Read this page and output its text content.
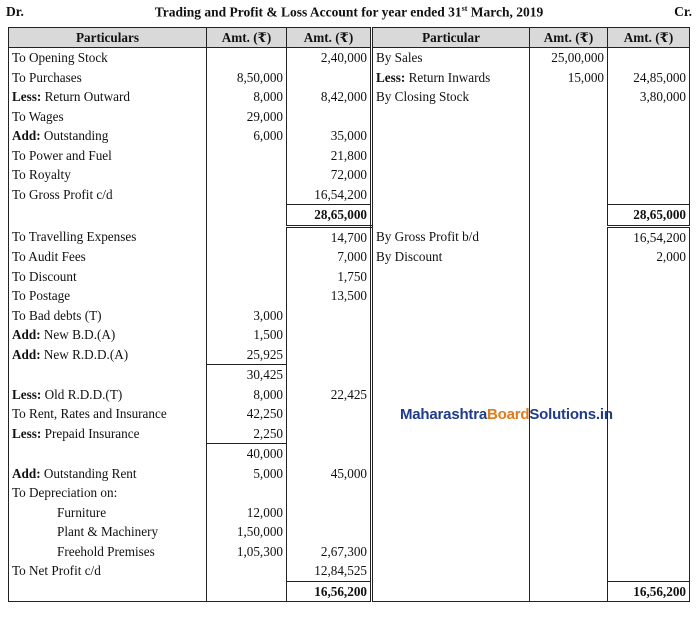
Dr.	Trading and Profit & Loss Account for year ended 31st March, 2019	Cr.
Particulars	Amt. (₹)	Amt. (₹)	Particular	Amt. (₹)	Amt. (₹)
To Opening Stock		2,40,000	By Sales	25,00,000	
To Purchases	8,50,000		Less: Return Inwards	15,000	24,85,000
Less: Return Outward	8,000	8,42,000	By Closing Stock		3,80,000
To Wages	29,000				
Add: Outstanding	6,000	35,000			
To Power and Fuel		21,800			
To Royalty		72,000			
To Gross Profit c/d		16,54,200			
		28,65,000			28,65,000
To Travelling Expenses		14,700	By Gross Profit b/d		16,54,200
To Audit Fees		7,000	By Discount		2,000
To Discount		1,750			
To Postage		13,500			
To Bad debts (T)	3,000				
Add: New B.D.(A)	1,500				
Add: New R.D.D.(A)	25,925				
	30,425				
Less: Old R.D.D.(T)	8,000	22,425			
To Rent, Rates and Insurance	42,250				
Less: Prepaid Insurance	2,250				
	40,000				
Add: Outstanding Rent	5,000	45,000			
To Depreciation on:					
Furniture	12,000				
Plant & Machinery	1,50,000				
Freehold Premises	1,05,300	2,67,300			
To Net Profit c/d		12,84,525			
		16,56,200			16,56,200
MaharashtraBoardSolutions.in
